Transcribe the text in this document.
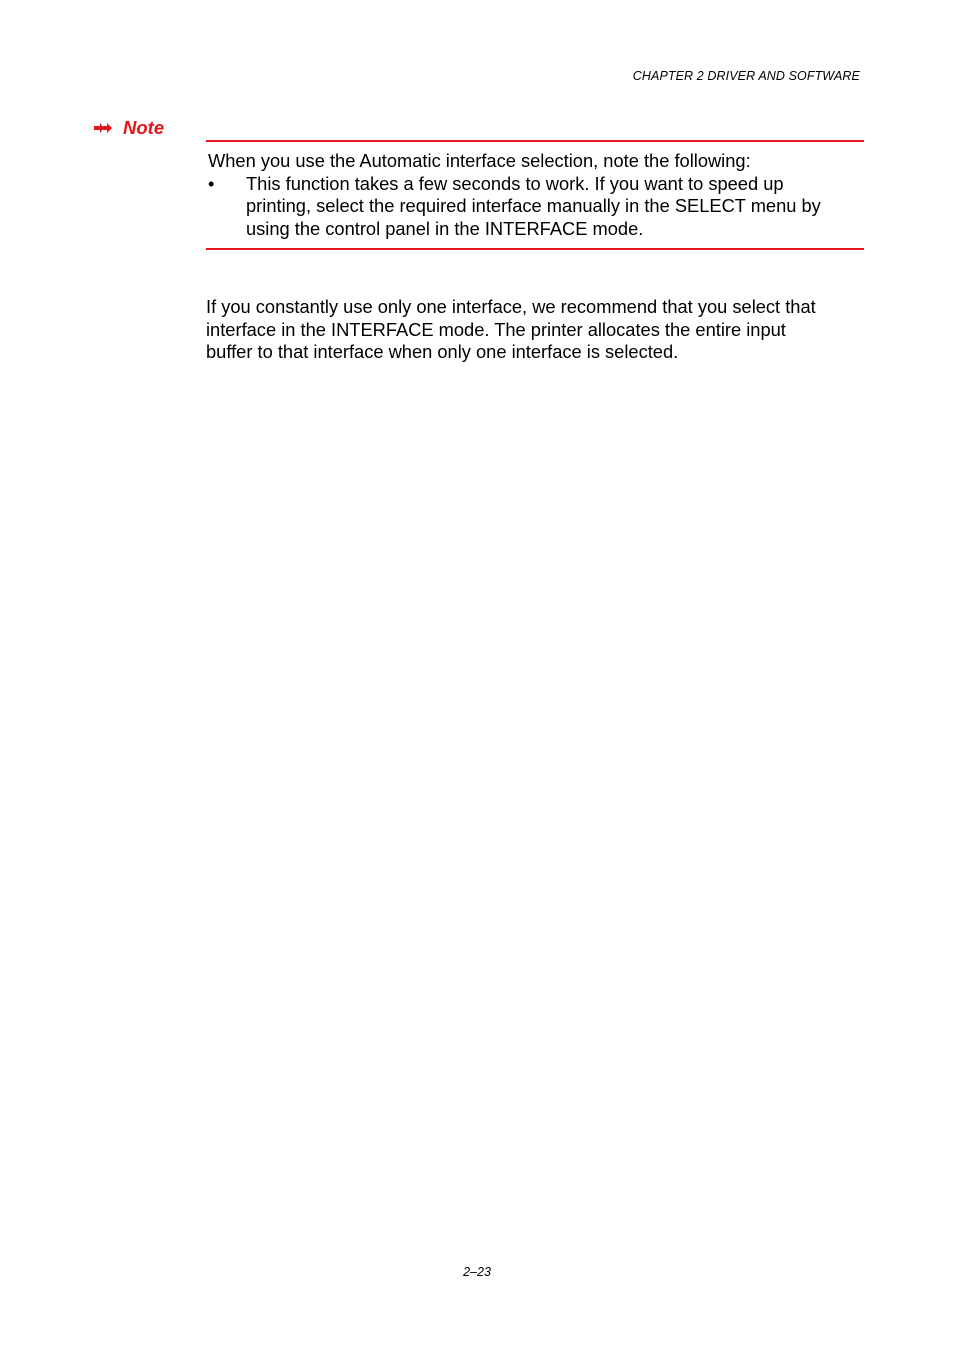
CHAPTER 2 DRIVER AND SOFTWARE
Note
When you use the Automatic interface selection, note the following:
•	This function takes a few seconds to work. If you want to speed up
printing, select the required interface manually in the SELECT menu by
using the control panel in the INTERFACE mode.
If you constantly use only one interface, we recommend that you select that
interface in the INTERFACE mode. The printer allocates the entire input
buffer to that interface when only one interface is selected.
2–23
